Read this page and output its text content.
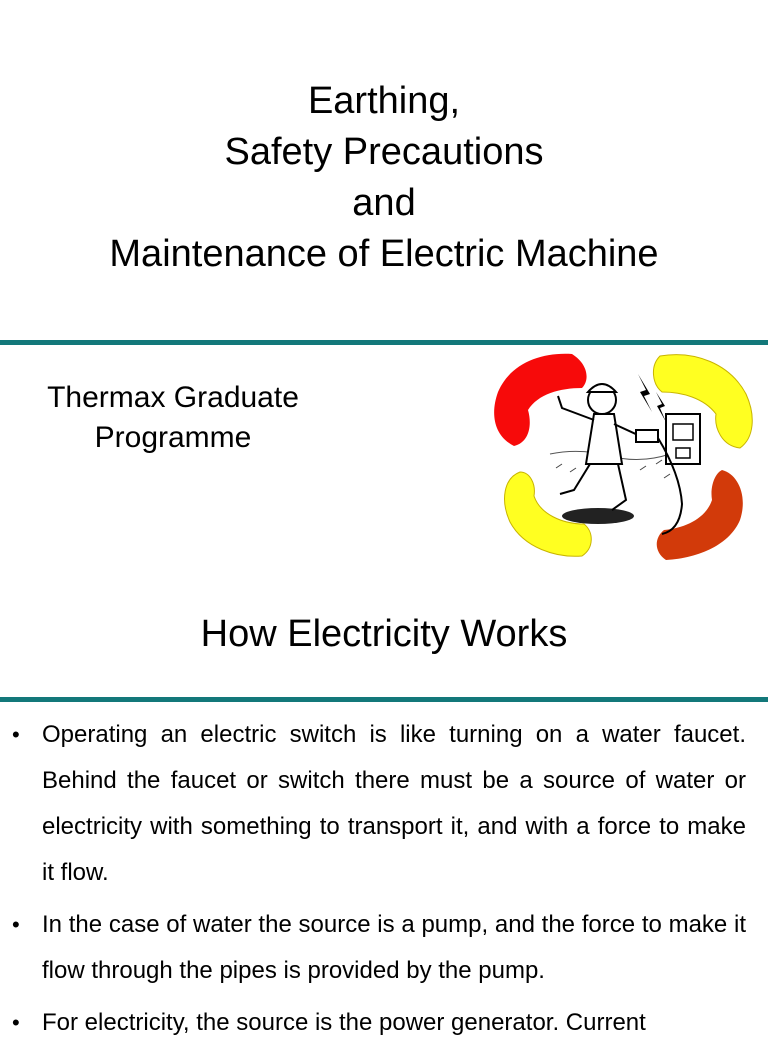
Earthing,
Safety Precautions
and
Maintenance of Electric Machine
Thermax Graduate
Programme
How Electricity Works
• Operating an electric switch is like turning on a water faucet. Behind the faucet or switch there must be a source of water or electricity with something to transport it, and with a force to make it flow.
• In the case of water the source is a pump, and the force to make it flow through the pipes is provided by the pump.
• For electricity, the source is the power generator. Current
